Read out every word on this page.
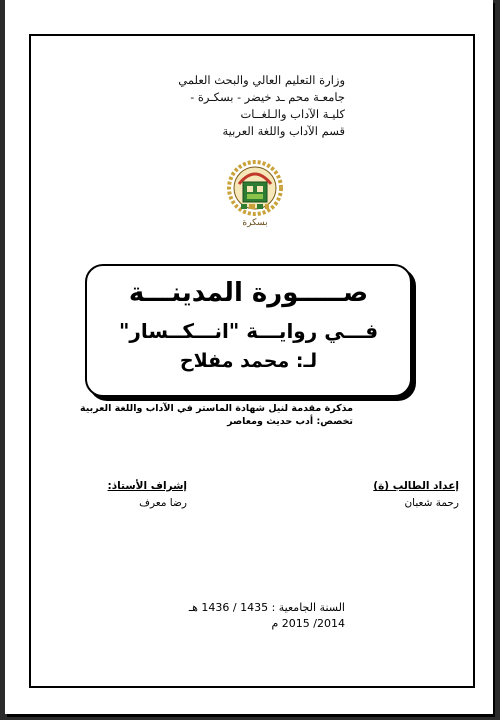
وزارة التعليم العالي والبحث العلمي
جامعـة محم ـد خيضر - بسكـرة -
كليـة الآداب والـلغــات
قسم الآداب واللغة العربية
بسكرة
صـــــورة المدينـــة
فـــي روايـــة "انـــكــسار"
لـ: محمد مفلاح
مذكرة مقدمة لنيل شهادة الماستر في الآداب واللغة العربية
تخصص: أدب حديث ومعاصر
إعداد الطالب (ة)
رحمة شعبان
إشراف الأستاذ:
رضا معرف
السنة الجامعية : 1435 / 1436 هـ
2014/ 2015 م
